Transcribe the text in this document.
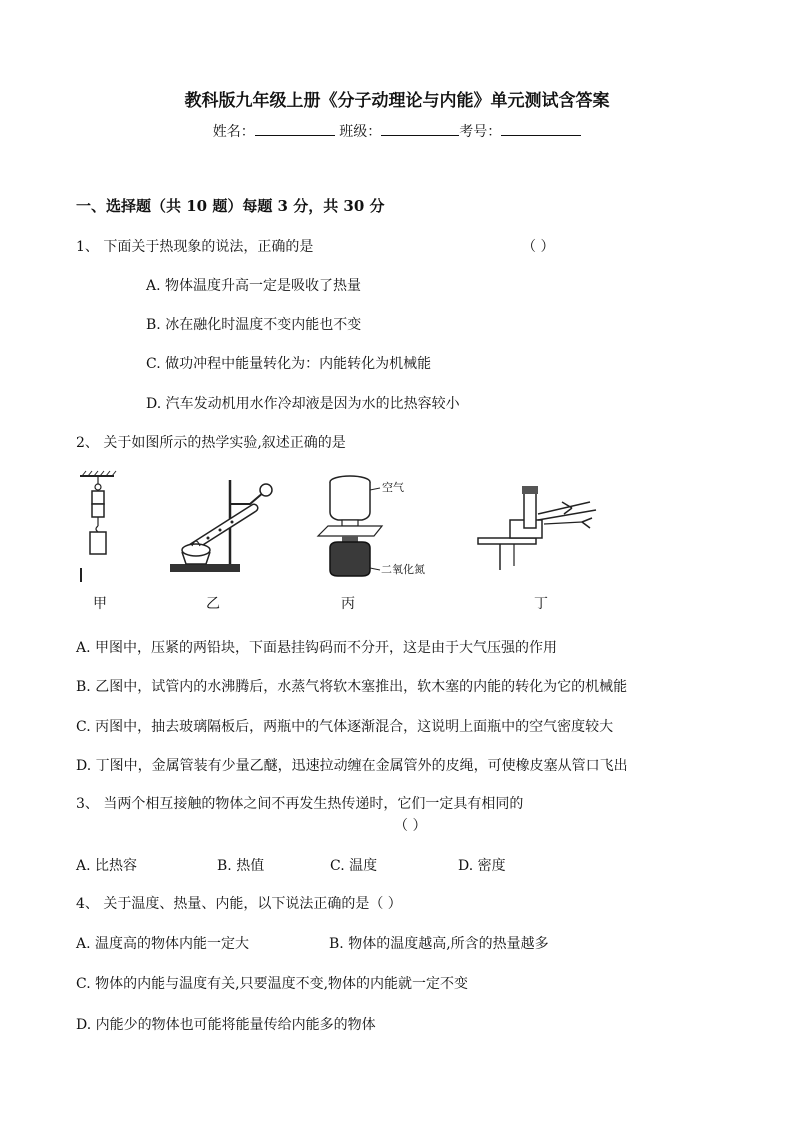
教科版九年级上册《分子动理论与内能》单元测试含答案
姓名：	班级：	考号：
一、选择题（共 10 题）每题 3 分，共 30 分
1、 下面关于热现象的说法，正确的是	（ ）
A. 物体温度升高一定是吸收了热量
B. 冰在融化时温度不变内能也不变
C. 做功冲程中能量转化为：内能转化为机械能
D. 汽车发动机用水作冷却液是因为水的比热容较小
2、 关于如图所示的热学实验,叙述正确的是
甲	乙
空气
二氧化氮
丙	丁
A. 甲图中，压紧的两铅块，下面悬挂钩码而不分开，这是由于大气压强的作用
B. 乙图中，试管内的水沸腾后，水蒸气将软木塞推出，软木塞的内能的转化为它的机械能
C. 丙图中，抽去玻璃隔板后，两瓶中的气体逐渐混合，这说明上面瓶中的空气密度较大
D. 丁图中，金属管装有少量乙醚，迅速拉动缠在金属管外的皮绳，可使橡皮塞从管口飞出
3、 当两个相互接触的物体之间不再发生热传递时，它们一定具有相同的
（ ）
A. 比热容	B. 热值	C. 温度	D. 密度
4、 关于温度、热量、内能，以下说法正确的是（ ）
A. 温度高的物体内能一定大	B. 物体的温度越高,所含的热量越多
C. 物体的内能与温度有关,只要温度不变,物体的内能就一定不变
D. 内能少的物体也可能将能量传给内能多的物体
